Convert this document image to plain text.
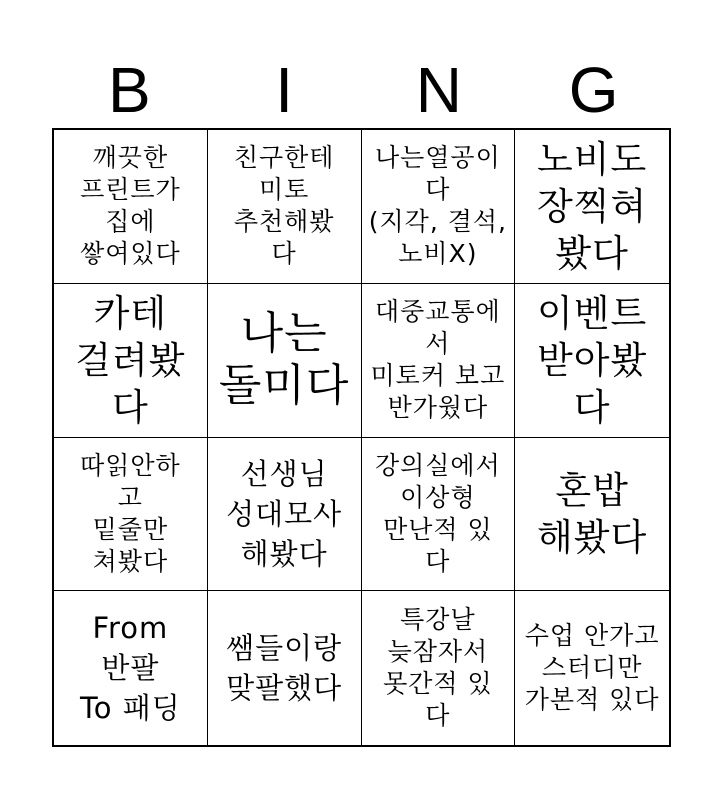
B	I	N	G
깨끗한
프린트가
집에
쌓여있다
친구한테
미토
추천해봤
다
나는열공이
다
(지각, 결석,
노비X)
노비도
장찍혀
봤다
카테
걸려봤
다
나는
돌미다
대중교통에
서
미토커 보고
반가웠다
이벤트
받아봤
다
따읽안하
고
밑줄만
쳐봤다
선생님
성대모사
해봤다
강의실에서
이상형
만난적 있
다
혼밥
해봤다
From
반팔
To 패딩
쌤들이랑
맞팔했다
특강날
늦잠자서
못간적 있
다
수업 안가고
스터디만
가본적 있다
